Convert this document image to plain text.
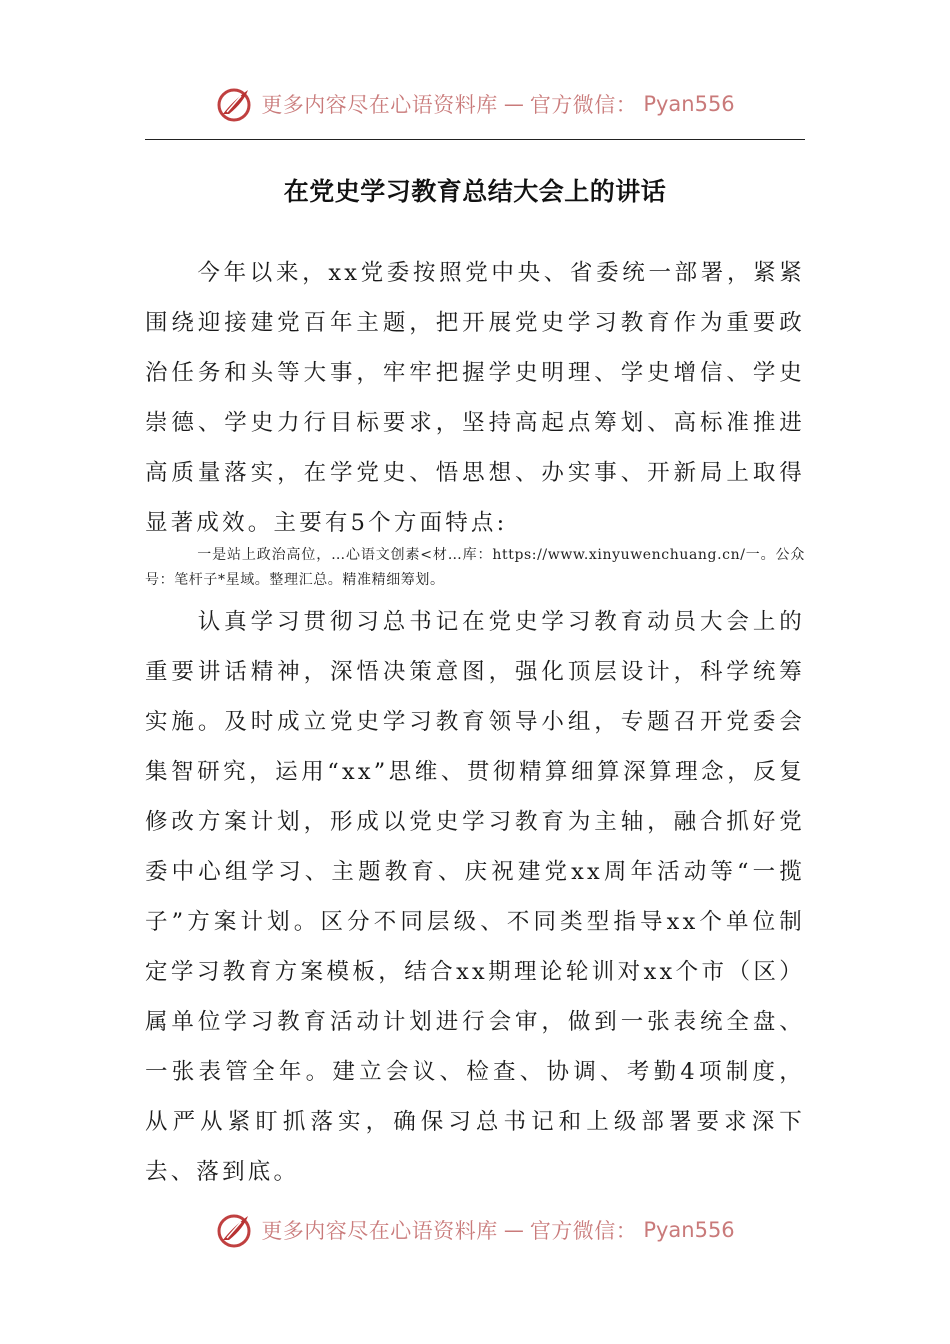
更多内容尽在心语资料库 — 官方微信： Pyan556
在党史学习教育总结大会上的讲话

今年以来，xx党委按照党中央、省委统一部署，紧紧围绕迎接建党百年主题，把开展党史学习教育作为重要政治任务和头等大事，牢牢把握学史明理、学史增信、学史崇德、学史力行目标要求，坚持高起点筹划、高标准推进高质量落实，在学党史、悟思想、办实事、开新局上取得显著成效。主要有5个方面特点:

一是站上政治高位，…心语文创素<材…库：https://www.xinyuwenchuang.cn/一。公众号：笔杆子*星域。整理汇总。精准精细筹划。

认真学习贯彻习总书记在党史学习教育动员大会上的重要讲话精神，深悟决策意图，强化顶层设计，科学统筹实施。及时成立党史学习教育领导小组，专题召开党委会集智研究，运用“xx”思维、贯彻精算细算深算理念，反复修改方案计划，形成以党史学习教育为主轴，融合抓好党委中心组学习、主题教育、庆祝建党xx周年活动等“一揽子”方案计划。区分不同层级、不同类型指导xx个单位制定学习教育方案模板，结合xx期理论轮训对xx个市（区）属单位学习教育活动计划进行会审，做到一张表统全盘、一张表管全年。建立会议、检查、协调、考勤4项制度，从严从紧盯抓落实，确保习总书记和上级部署要求深下去、落到底。

更多内容尽在心语资料库 — 官方微信： Pyan556
